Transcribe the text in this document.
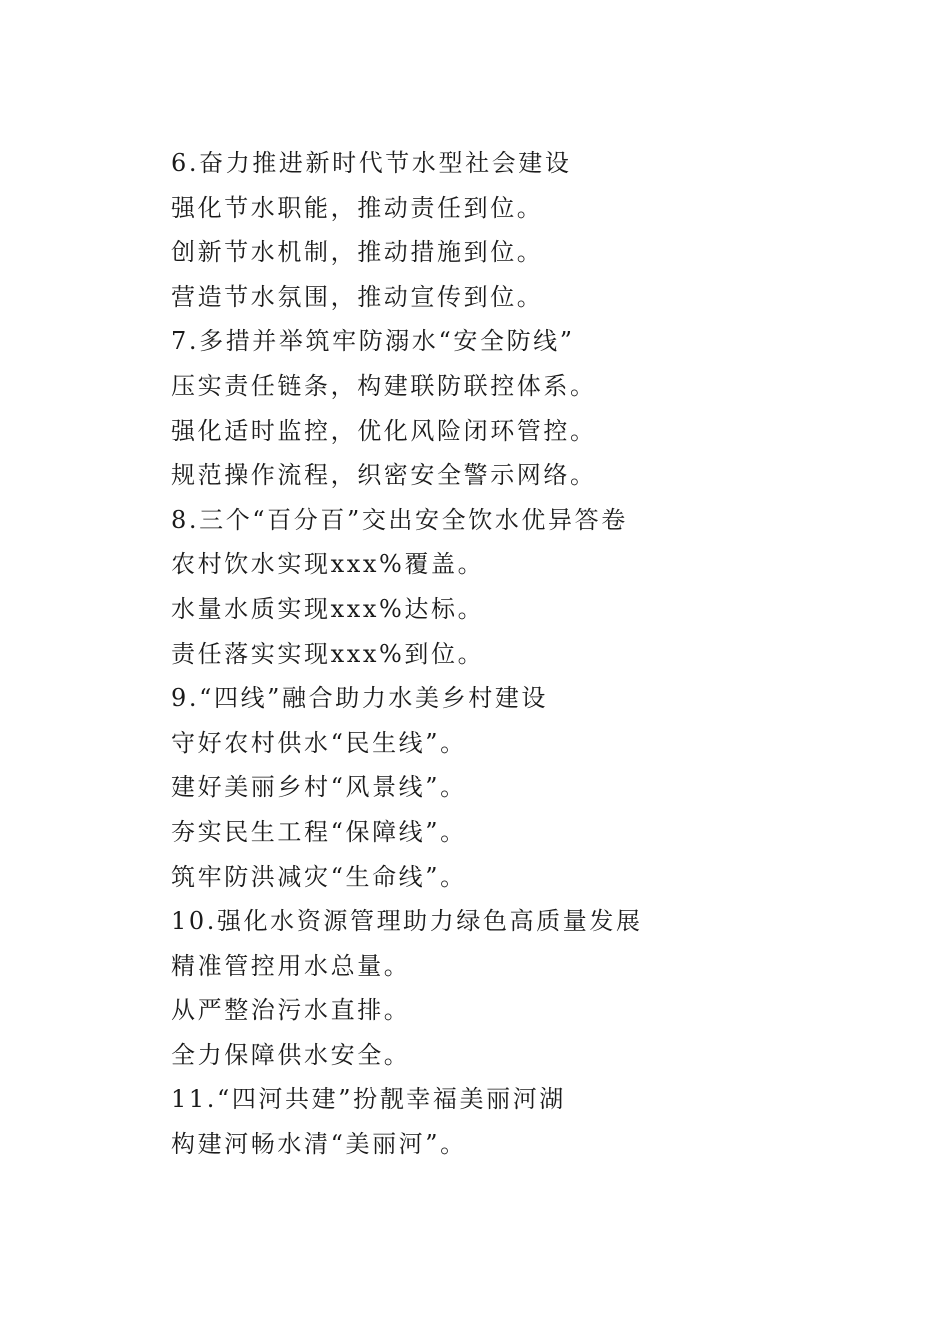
6.奋力推进新时代节水型社会建设
强化节水职能，推动责任到位。
创新节水机制，推动措施到位。
营造节水氛围，推动宣传到位。
7.多措并举筑牢防溺水“安全防线”
压实责任链条，构建联防联控体系。
强化适时监控，优化风险闭环管控。
规范操作流程，织密安全警示网络。
8.三个“百分百”交出安全饮水优异答卷
农村饮水实现xxx%覆盖。
水量水质实现xxx%达标。
责任落实实现xxx%到位。
9.“四线”融合助力水美乡村建设
守好农村供水“民生线”。
建好美丽乡村“风景线”。
夯实民生工程“保障线”。
筑牢防洪减灾“生命线”。
10.强化水资源管理助力绿色高质量发展
精准管控用水总量。
从严整治污水直排。
全力保障供水安全。
11.“四河共建”扮靓幸福美丽河湖
构建河畅水清“美丽河”。
